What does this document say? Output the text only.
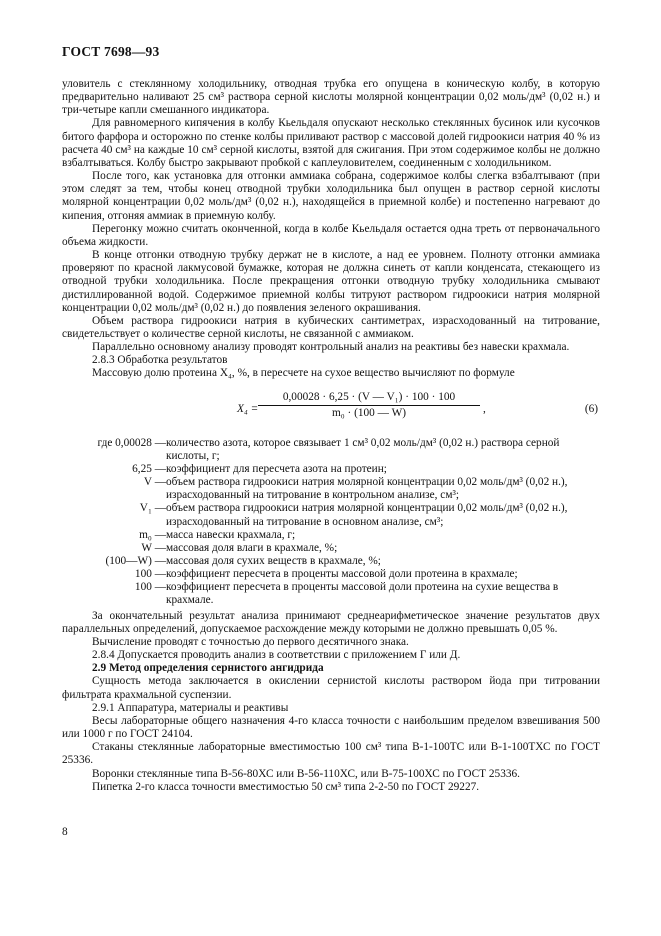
ГОСТ 7698—93

уловитель с стеклянному холодильнику, отводная трубка его опущена в коническую колбу, в которую предварительно наливают 25 см³ раствора серной кислоты молярной концентрации 0,02 моль/дм³ (0,02 н.) и три-четыре капли смешанного индикатора.

Для равномерного кипячения в колбу Кьельдаля опускают несколько стеклянных бусинок или кусочков битого фарфора и осторожно по стенке колбы приливают раствор с массовой долей гидроокиси натрия 40 % из расчета 40 см³ на каждые 10 см³ серной кислоты, взятой для сжигания. При этом содержимое колбы не должно взбалтываться. Колбу быстро закрывают пробкой с каплеуловителем, соединенным с холодильником.

После того, как установка для отгонки аммиака собрана, содержимое колбы слегка взбалтывают (при этом следят за тем, чтобы конец отводной трубки холодильника был опущен в раствор серной кислоты молярной концентрации 0,02 моль/дм³ (0,02 н.), находящейся в приемной колбе) и постепенно нагревают до кипения, отгоняя аммиак в приемную колбу.

Перегонку можно считать оконченной, когда в колбе Кьельдаля остается одна треть от первоначального объема жидкости.

В конце отгонки отводную трубку держат не в кислоте, а над ее уровнем. Полноту отгонки аммиака проверяют по красной лакмусовой бумажке, которая не должна синеть от капли конденсата, стекающего из отводной трубки холодильника. После прекращения отгонки отводную трубку холодильника смывают дистиллированной водой. Содержимое приемной колбы титруют раствором гидроокиси натрия молярной концентрации 0,02 моль/дм³ (0,02 н.) до появления зеленого окрашивания.

Объем раствора гидроокиси натрия в кубических сантиметрах, израсходованный на титрование, свидетельствует о количестве серной кислоты, не связанной с аммиаком.

Параллельно основному анализу проводят контрольный анализ на реактивы без навески крахмала.

2.8.3 Обработка результатов

Массовую долю протеина X₄, %, в пересчете на сухое вещество вычисляют по формуле

$X_4 = \frac{\text{0,00028 · 6,25 · (V — V₁) · 100 · 100}}{\text{m₀ · (100 — W)}}$ ,	(6)
где 0,00028 — количество азота, которое связывает 1 см³ 0,02 моль/дм³ (0,02 н.) раствора серной кислоты, г;
6,25 — коэффициент для пересчета азота на протеин;
V — объем раствора гидроокиси натрия молярной концентрации 0,02 моль/дм³ (0,02 н.), израсходованный на титрование в контрольном анализе, см³;
V₁ — объем раствора гидроокиси натрия молярной концентрации 0,02 моль/дм³ (0,02 н.), израсходованный на титрование в основном анализе, см³;
m₀ — масса навески крахмала, г;
W — массовая доля влаги в крахмале, %;
(100—W) — массовая доля сухих веществ в крахмале, %;
100 — коэффициент пересчета в проценты массовой доли протеина в крахмале;
100 — коэффициент пересчета в проценты массовой доли протеина на сухие вещества в крахмале.

За окончательный результат анализа принимают среднеарифметическое значение результатов двух параллельных определений, допускаемое расхождение между которыми не должно превышать 0,05 %.

Вычисление проводят с точностью до первого десятичного знака.

2.8.4 Допускается проводить анализ в соответствии с приложением Г или Д.

2.9 Метод определения сернистого ангидрида

Сущность метода заключается в окислении сернистой кислоты раствором йода при титровании фильтрата крахмальной суспензии.

2.9.1 Аппаратура, материалы и реактивы

Весы лабораторные общего назначения 4-го класса точности с наибольшим пределом взвешивания 500 или 1000 г по ГОСТ 24104.

Стаканы стеклянные лабораторные вместимостью 100 см³ типа В-1-100ТС или В-1-100ТХС по ГОСТ 25336.

Воронки стеклянные типа В-56-80ХС или В-56-110ХС, или В-75-100ХС по ГОСТ 25336.

Пипетка 2-го класса точности вместимостью 50 см³ типа 2-2-50 по ГОСТ 29227.

8
